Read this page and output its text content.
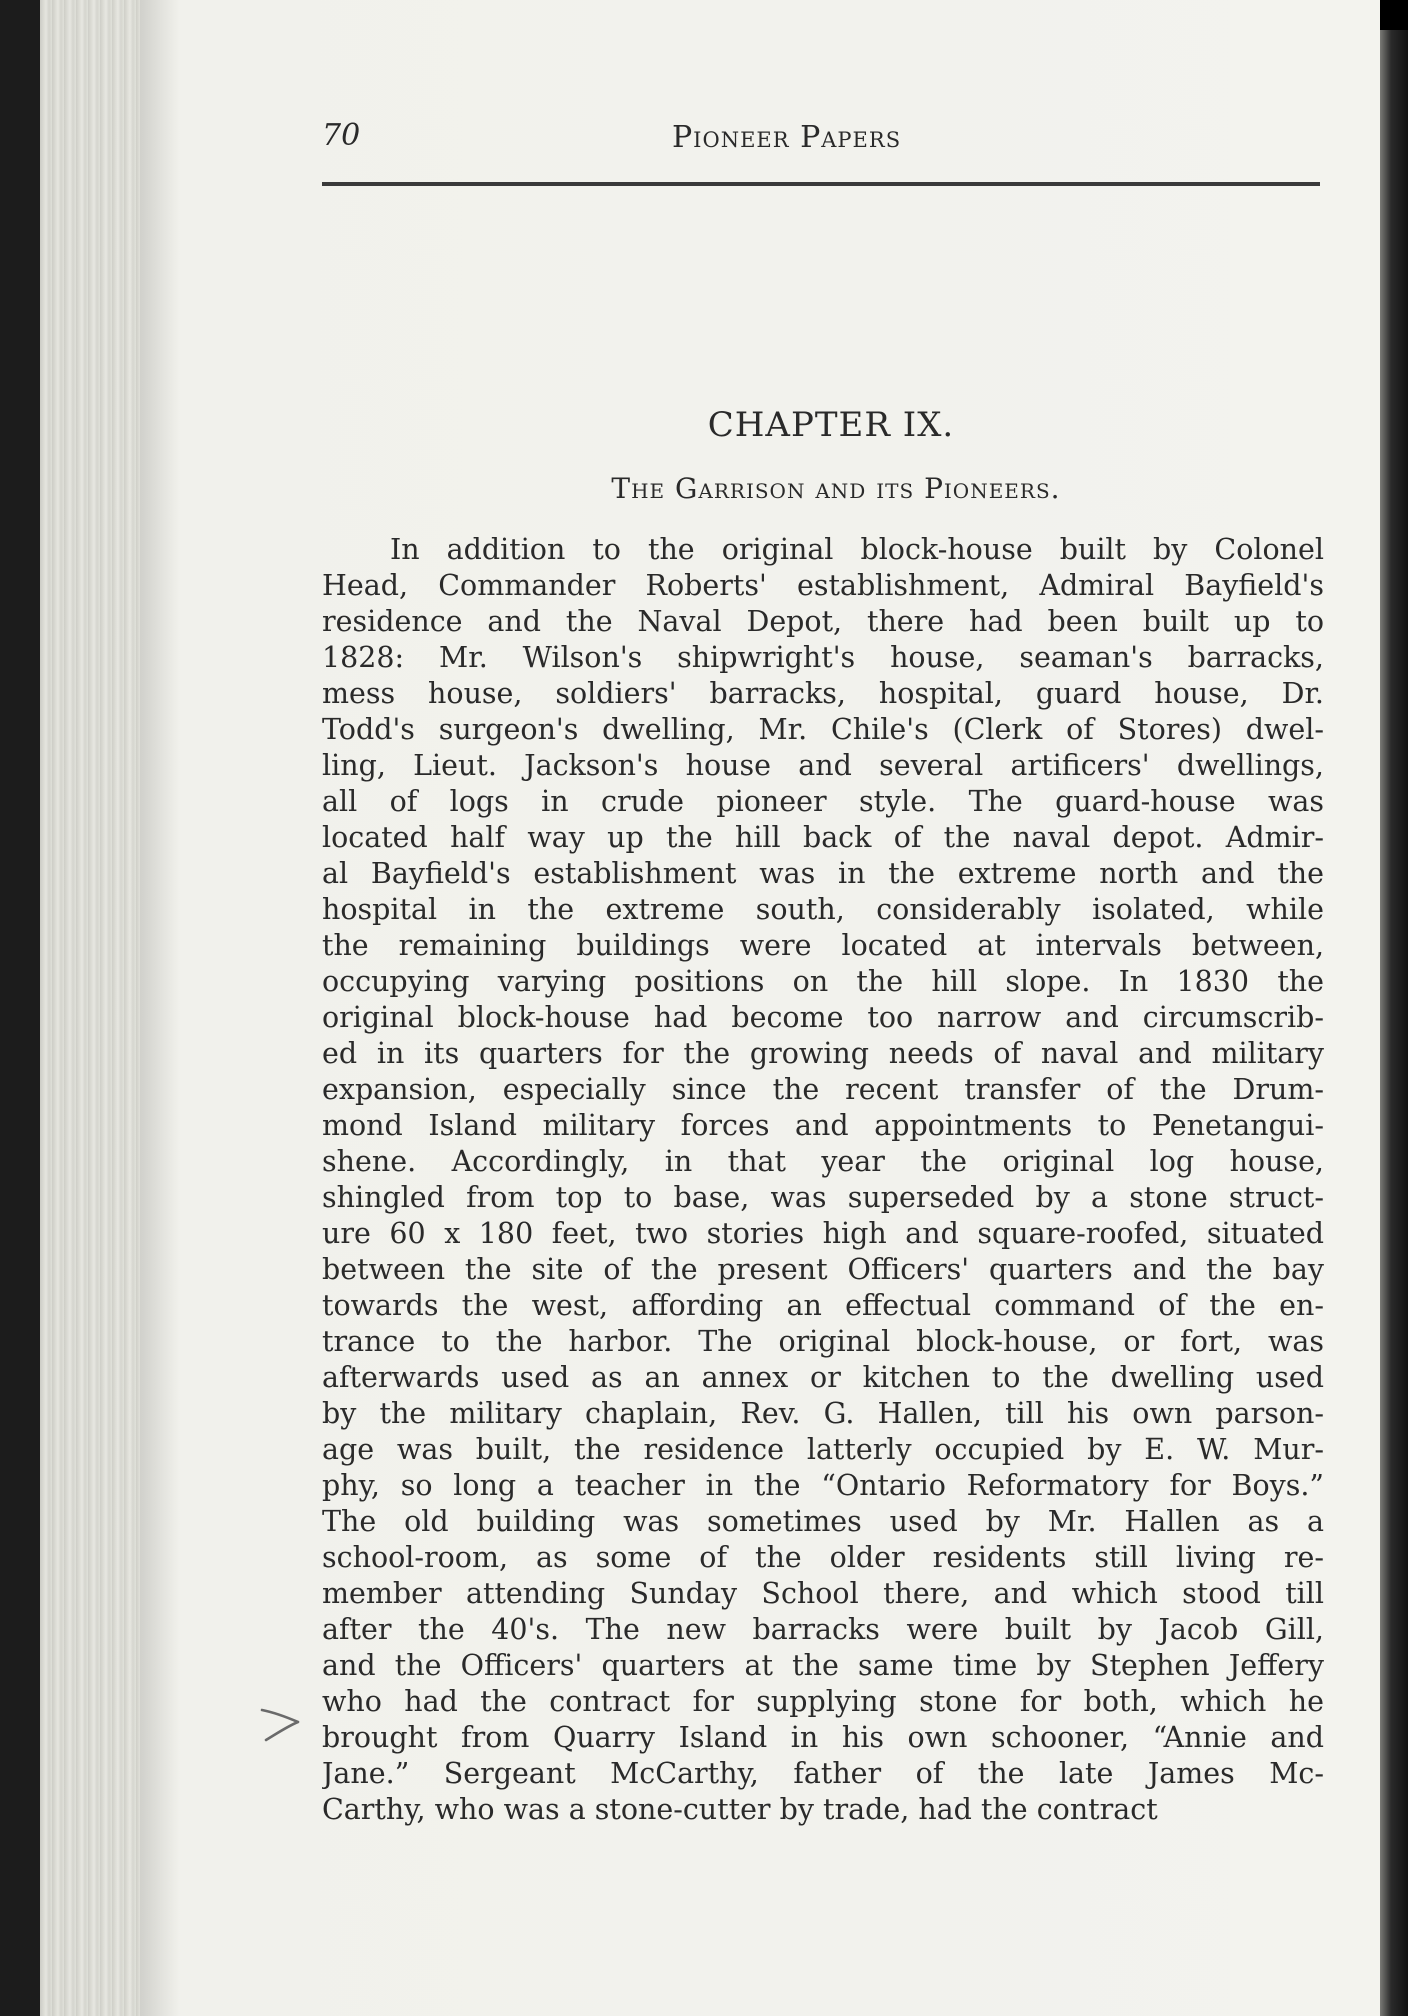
70	Pioneer Papers
CHAPTER IX.
The Garrison and its Pioneers.
In addition to the original block-house built by Colonel
Head, Commander Roberts' establishment, Admiral Bayfield's
residence and the Naval Depot, there had been built up to
1828: Mr. Wilson's shipwright's house, seaman's barracks,
mess house, soldiers' barracks, hospital, guard house, Dr.
Todd's surgeon's dwelling, Mr. Chile's (Clerk of Stores) dwel-
ling, Lieut. Jackson's house and several artificers' dwellings,
all of logs in crude pioneer style. The guard-house was
located half way up the hill back of the naval depot. Admir-
al Bayfield's establishment was in the extreme north and the
hospital in the extreme south, considerably isolated, while
the remaining buildings were located at intervals between,
occupying varying positions on the hill slope. In 1830 the
original block-house had become too narrow and circumscrib-
ed in its quarters for the growing needs of naval and military
expansion, especially since the recent transfer of the Drum-
mond Island military forces and appointments to Penetangui-
shene. Accordingly, in that year the original log house,
shingled from top to base, was superseded by a stone struct-
ure 60 x 180 feet, two stories high and square-roofed, situated
between the site of the present Officers' quarters and the bay
towards the west, affording an effectual command of the en-
trance to the harbor. The original block-house, or fort, was
afterwards used as an annex or kitchen to the dwelling used
by the military chaplain, Rev. G. Hallen, till his own parson-
age was built, the residence latterly occupied by E. W. Mur-
phy, so long a teacher in the “Ontario Reformatory for Boys.”
The old building was sometimes used by Mr. Hallen as a
school-room, as some of the older residents still living re-
member attending Sunday School there, and which stood till
after the 40's. The new barracks were built by Jacob Gill,
and the Officers' quarters at the same time by Stephen Jeffery
who had the contract for supplying stone for both, which he
brought from Quarry Island in his own schooner, “Annie and
Jane.” Sergeant McCarthy, father of the late James Mc-
Carthy, who was a stone-cutter by trade, had the contract
